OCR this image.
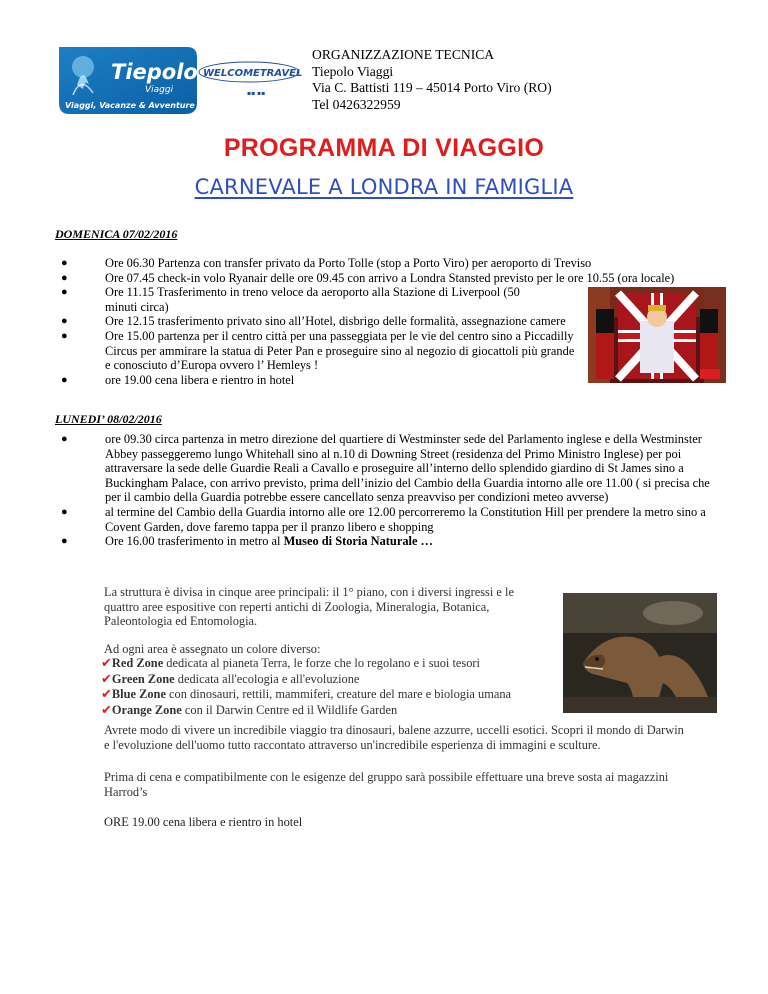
Tiepolo
Viaggi
Viaggi, Vacanze & Avventure
WELCOMETRAVEL
▪▪ ▪▪
ORGANIZZAZIONE TECNICA
Tiepolo Viaggi
Via C. Battisti 119 – 45014 Porto Viro (RO)
Tel 0426322959
PROGRAMMA DI VIAGGIO
CARNEVALE A LONDRA IN FAMIGLIA
DOMENICA 07/02/2016
●	Ore 06.30 Partenza con transfer privato da Porto Tolle (stop a Porto Viro) per aeroporto di Treviso
●	Ore 07.45 check-in volo Ryanair delle ore 09.45 con arrivo a Londra Stansted previsto per le ore 10.55 (ora locale)
●	Ore 11.15 Trasferimento in treno veloce da aeroporto alla Stazione di Liverpool (50 minuti circa)
●	Ore 12.15 trasferimento privato sino all’Hotel, disbrigo delle formalità, assegnazione camere
●	Ore 15.00 partenza per il centro città per una passeggiata per le vie del centro sino a Piccadilly Circus per ammirare la statua di Peter Pan e proseguire sino al negozio di giocattoli più grande e conosciuto d’Europa ovvero l’ Hemleys !
●	ore 19.00 cena libera e rientro in hotel
LUNEDI’ 08/02/2016
●	ore 09.30 circa partenza in metro direzione del quartiere di Westminster sede del Parlamento inglese e della Westminster Abbey passeggeremo lungo Whitehall sino al n.10 di Downing Street (residenza del Primo Ministro Inglese) per poi attraversare la sede delle Guardie Reali a Cavallo e proseguire all’interno dello splendido giardino di St James sino a Buckingham Palace, con arrivo previsto, prima dell’inizio del Cambio della Guardia intorno alle ore 11.00 ( si precisa che per il cambio della Guardia potrebbe essere cancellato senza preavviso per condizioni meteo avverse)
●	al termine del Cambio della Guardia intorno alle ore 12.00 percorreremo la Constitution Hill per prendere la metro sino a Covent Garden, dove faremo tappa per il pranzo libero e shopping
●	Ore 16.00 trasferimento in metro al Museo di Storia Naturale …
La struttura è divisa in cinque aree principali: il 1° piano, con i diversi ingressi e le
quattro aree espositive con reperti antichi di Zoologia, Mineralogia, Botanica,
Paleontologia ed Entomologia.
Ad ogni area è assegnato un colore diverso:
✔Red Zone dedicata al pianeta Terra, le forze che lo regolano e i suoi tesori
✔Green Zone dedicata all'ecologia e all'evoluzione
✔Blue Zone con dinosauri, rettili, mammiferi, creature del mare e biologia umana
✔Orange Zone con il Darwin Centre ed il Wildlife Garden
Avrete modo di vivere un incredibile viaggio tra dinosauri, balene azzurre, uccelli esotici. Scopri il mondo di Darwin
e l'evoluzione dell'uomo tutto raccontato attraverso un'incredibile esperienza di immagini e sculture.
Prima di cena e compatibilmente con le esigenze del gruppo sarà possibile effettuare una breve sosta ai magazzini
Harrod’s
ORE 19.00 cena libera e rientro in hotel
